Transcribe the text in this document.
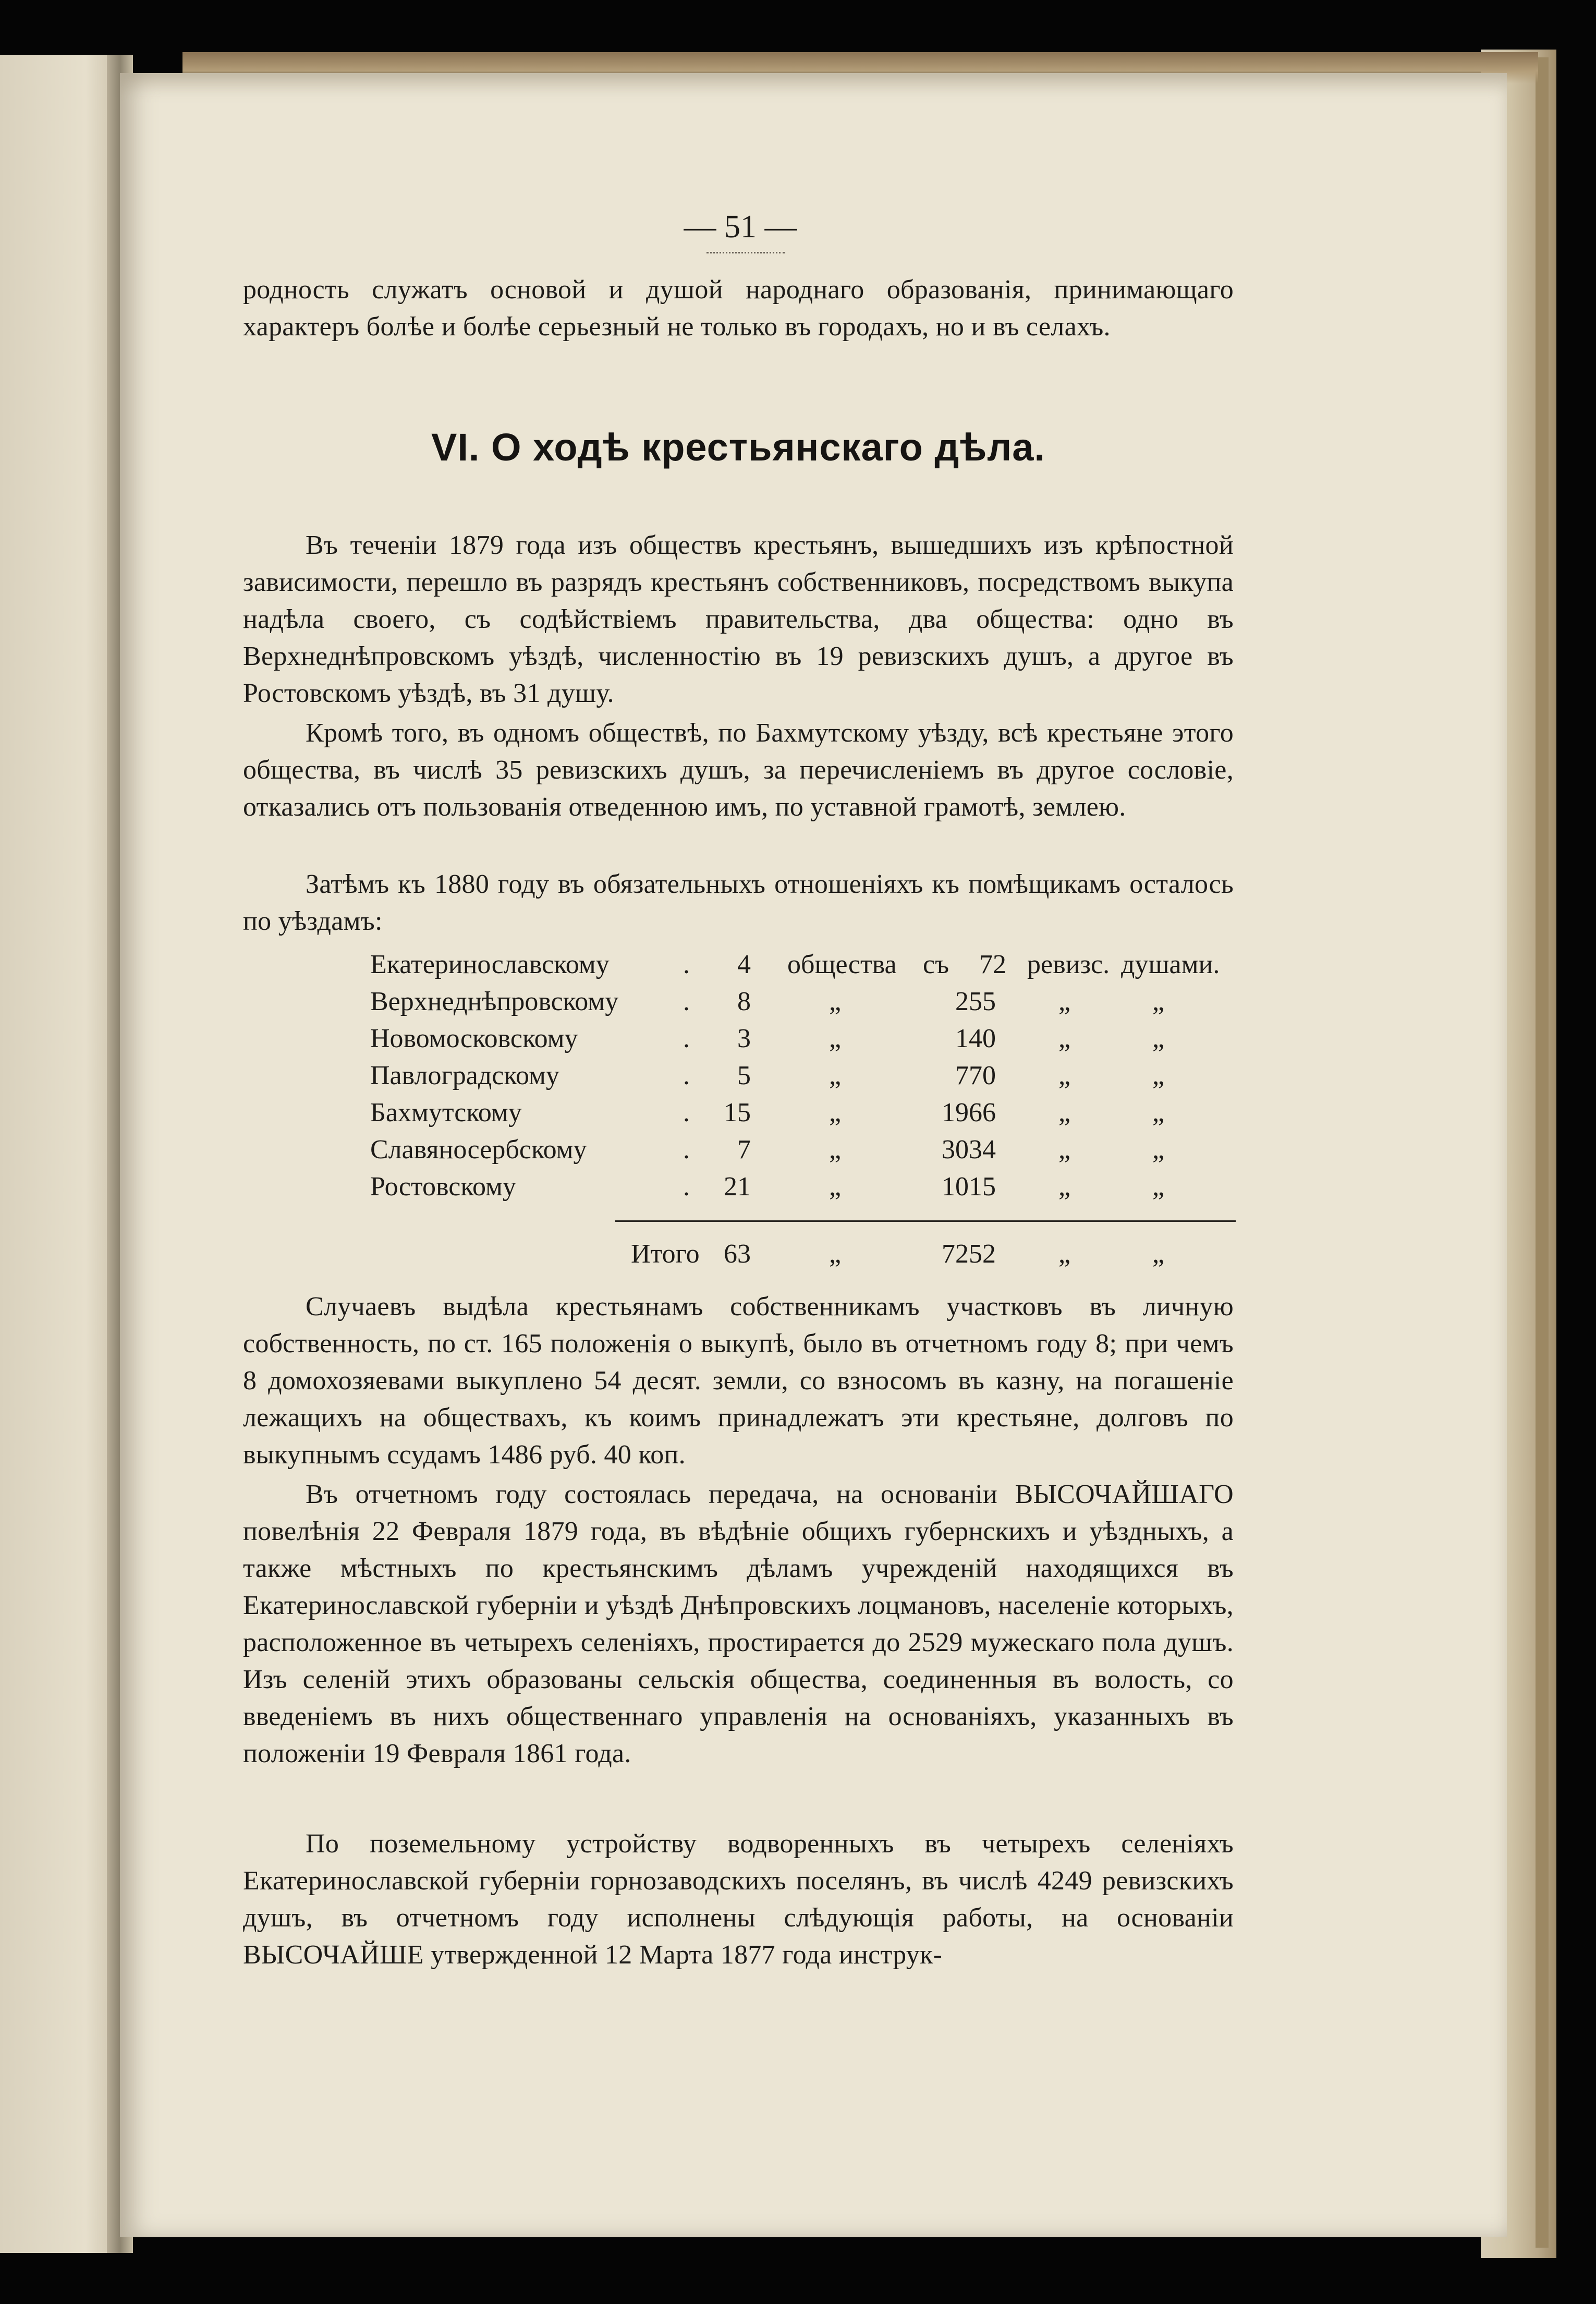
— 51 —
родность служатъ основой и душой народнаго образованія, принимающаго характеръ болѣе и болѣе серьезный не только въ городахъ, но и въ селахъ.
VI. О ходѣ крестьянскаго дѣла.
Въ теченіи 1879 года изъ обществъ крестьянъ, вышедшихъ изъ крѣпостной зависимости, перешло въ разрядъ крестьянъ собственниковъ, посредствомъ выкупа надѣла своего, съ содѣйствіемъ правительства, два общества: одно въ Верхнеднѣпровскомъ уѣздѣ, численностію въ 19 ревизскихъ душъ, а другое въ Ростовскомъ уѣздѣ, въ 31 душу.
Кромѣ того, въ одномъ обществѣ, по Бахмутскому уѣзду, всѣ крестьяне этого общества, въ числѣ 35 ревизскихъ душъ, за перечисленіемъ въ другое сословіе, отказались отъ пользованія отведенною имъ, по уставной грамотѣ, землею.
Затѣмъ къ 1880 году въ обязательныхъ отношеніяхъ къ помѣщикамъ осталось по уѣздамъ:
Екатеринославскому	.	4 общества съ	72 ревизс. душами.
Верхнеднѣпровскому .	8	„	255 „	„
Новомосковскому	.	3	„	140 „	„
Павлоградскому	.	5	„	770 „	„
Бахмутскому	.	15	„	1966 „	„
Славяносербскому	.	7	„	3034 „	„
Ростовскому	.	21	„	1015 „	„
Итого 63	„	7252 „	„
Случаевъ выдѣла крестьянамъ собственникамъ участковъ въ личную собственность, по ст. 165 положенія о выкупѣ, было въ отчетномъ году 8; при чемъ 8 домохозяевами выкуплено 54 десят. земли, со взносомъ въ казну, на погашеніе лежащихъ на обществахъ, къ коимъ принадлежатъ эти крестьяне, долговъ по выкупнымъ ссудамъ 1486 руб. 40 коп.
Въ отчетномъ году состоялась передача, на основаніи ВЫСОЧАЙШАГО повелѣнія 22 Февраля 1879 года, въ вѣдѣніе общихъ губернскихъ и уѣздныхъ, а также мѣстныхъ по крестьянскимъ дѣламъ учрежденій находящихся въ Екатеринославской губерніи и уѣздѣ Днѣпровскихъ лоцмановъ, населеніе которыхъ, расположенное въ четырехъ селеніяхъ, простирается до 2529 мужескаго пола душъ. Изъ селеній этихъ образованы сельскія общества, соединенныя въ волость, со введеніемъ въ нихъ общественнаго управленія на основаніяхъ, указанныхъ въ положеніи 19 Февраля 1861 года.
По поземельному устройству водворенныхъ въ четырехъ селеніяхъ Екатеринославской губерніи горнозаводскихъ поселянъ, въ числѣ 4249 ревизскихъ душъ, въ отчетномъ году исполнены слѣдующія работы, на основаніи ВЫСОЧАЙШЕ утвержденной 12 Марта 1877 года инструк-
